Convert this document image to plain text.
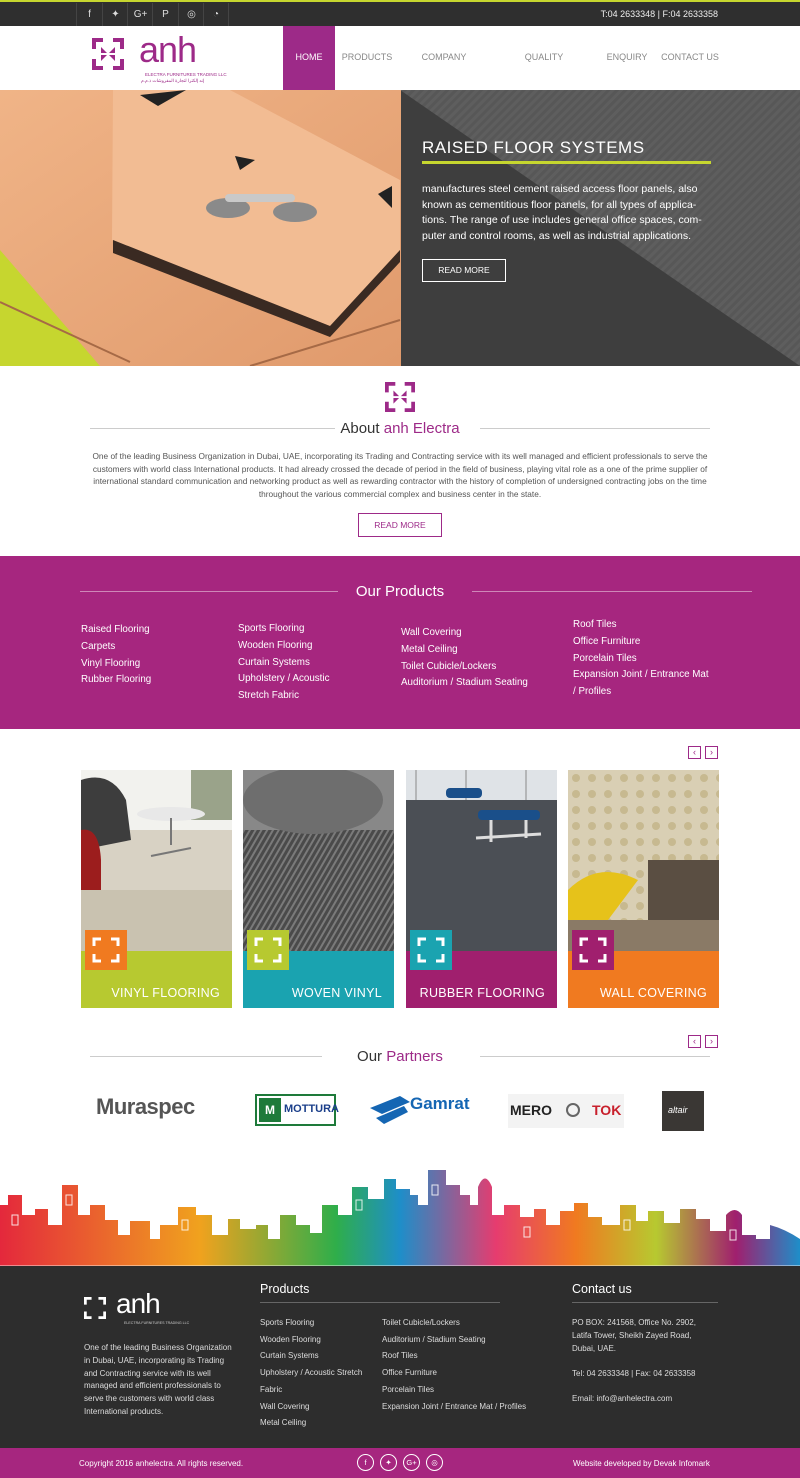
f	✦	G+	P	◎	◔	T:04 2633348 | F:04 2633358
anh
ELECTRA FURNITURES TRADING LLC
إنه إلكترا لتجارة المفروشات ذ.م.م
HOME	PRODUCTS	COMPANY	QUALITY	ENQUIRY CONTACT US
RAISED FLOOR SYSTEMS
manufactures steel cement raised access floor panels, also known as cementitious floor panels, for all types of applica-tions. The range of use includes general office spaces, com-puter and control rooms, as well as industrial applications.
READ MORE
About anh Electra
One of the leading Business Organization in Dubai, UAE, incorporating its Trading and Contracting service with its well managed and efficient professionals to serve the customers with world class International products. It had already crossed the decade of period in the field of business, playing vital role as a one of the prime supplier of international standard communication and networking product as well as rewarding contractor with the history of completion of undersigned contracting jobs on the time throughout the various commercial complex and business center in the state.
READ MORE
Our Products
Raised Flooring
Carpets
Vinyl Flooring
Rubber Flooring
Sports Flooring
Wooden Flooring
Curtain Systems
Upholstery / Acoustic
Stretch Fabric
Wall Covering
Metal Ceiling
Toilet Cubicle/Lockers
Auditorium / Stadium Seating
Roof Tiles
Office Furniture
Porcelain Tiles
Expansion Joint / Entrance Mat
/ Profiles
‹	›
VINYL FLOORING	WOVEN VINYL	RUBBER FLOORING	WALL COVERING
‹	›
Our Partners
Muraspec	M MOTTURA	Gamrat	MERO	TOK	altair
anh
ELECTRA FURNITURES TRADING LLC
One of the leading Business Organization in Dubai, UAE, incorporating its Trading and Contracting service with its well managed and efficient professionals to serve the customers with world class International products.
Products
Sports Flooring
Wooden Flooring
Curtain Systems
Upholstery / Acoustic Stretch
Fabric
Wall Covering
Metal Ceiling
Toilet Cubicle/Lockers
Auditorium / Stadium Seating
Roof Tiles
Office Furniture
Porcelain Tiles
Expansion Joint / Entrance Mat / Profiles
Contact us
PO BOX: 241568, Office No. 2902, Latifa Tower, Sheikh Zayed Road, Dubai, UAE.
Tel: 04 2633348 | Fax: 04 2633358
Email: info@anhelectra.com
Copyright 2016 anhelectra. All rights reserved.	f	✦	G+	◎	Website developed by Devak Infomark
